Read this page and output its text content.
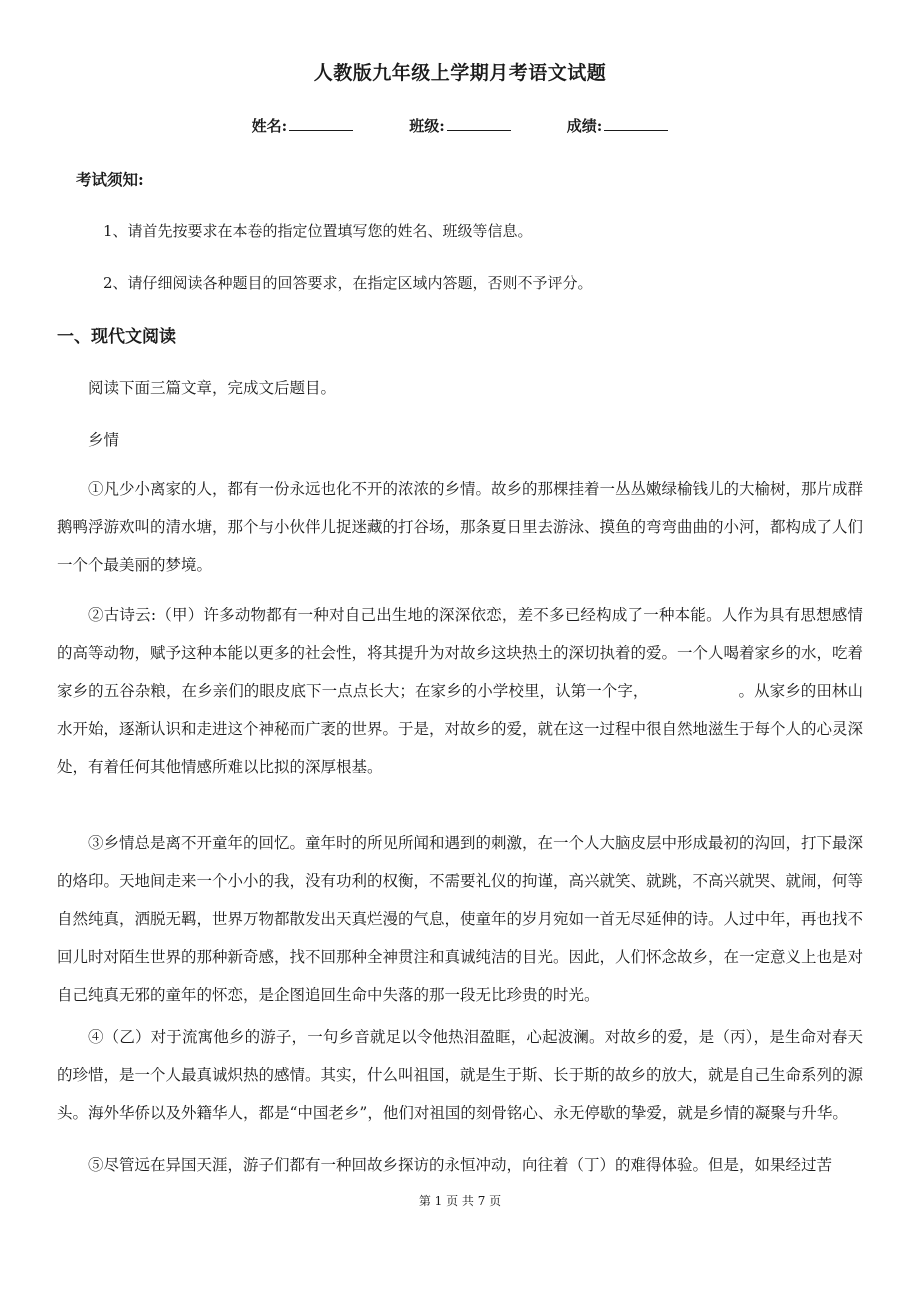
人教版九年级上学期月考语文试题
姓名:	班级:	成绩:
考试须知:
1、请首先按要求在本卷的指定位置填写您的姓名、班级等信息。
2、请仔细阅读各种题目的回答要求，在指定区域内答题，否则不予评分。
一、现代文阅读
阅读下面三篇文章，完成文后题目。
乡情
①凡少小离家的人，都有一份永远也化不开的浓浓的乡情。故乡的那棵挂着一丛丛嫩绿榆钱儿的大榆树，那片成群鹅鸭浮游欢叫的清水塘，那个与小伙伴儿捉迷藏的打谷场，那条夏日里去游泳、摸鱼的弯弯曲曲的小河，都构成了人们一个个最美丽的梦境。
②古诗云:（甲）许多动物都有一种对自己出生地的深深依恋，差不多已经构成了一种本能。人作为具有思想感情的高等动物，赋予这种本能以更多的社会性，将其提升为对故乡这块热土的深切执着的爱。一个人喝着家乡的水，吃着家乡的五谷杂粮，在乡亲们的眼皮底下一点点长大；在家乡的小学校里，认第一个字，	。从家乡的田林山水开始，逐渐认识和走进这个神秘而广袤的世界。于是，对故乡的爱，就在这一过程中很自然地滋生于每个人的心灵深处，有着任何其他情感所难以比拟的深厚根基。
③乡情总是离不开童年的回忆。童年时的所见所闻和遇到的刺激，在一个人大脑皮层中形成最初的沟回，打下最深的烙印。天地间走来一个小小的我，没有功利的权衡，不需要礼仪的拘谨，高兴就笑、就跳，不高兴就哭、就闹，何等自然纯真，洒脱无羁，世界万物都散发出天真烂漫的气息，使童年的岁月宛如一首无尽延伸的诗。人过中年，再也找不回儿时对陌生世界的那种新奇感，找不回那种全神贯注和真诚纯洁的目光。因此，人们怀念故乡，在一定意义上也是对自己纯真无邪的童年的怀恋，是企图追回生命中失落的那一段无比珍贵的时光。
④（乙）对于流寓他乡的游子，一句乡音就足以令他热泪盈眶，心起波澜。对故乡的爱，是（丙），是生命对春天的珍惜，是一个人最真诚炽热的感情。其实，什么叫祖国，就是生于斯、长于斯的故乡的放大，就是自己生命系列的源头。海外华侨以及外籍华人，都是“中国老乡”，他们对祖国的刻骨铭心、永无停歇的挚爱，就是乡情的凝聚与升华。
⑤尽管远在异国天涯，游子们都有一种回故乡探访的永恒冲动，向往着（丁）的难得体验。但是，如果经过苦
第 1 页 共 7 页
